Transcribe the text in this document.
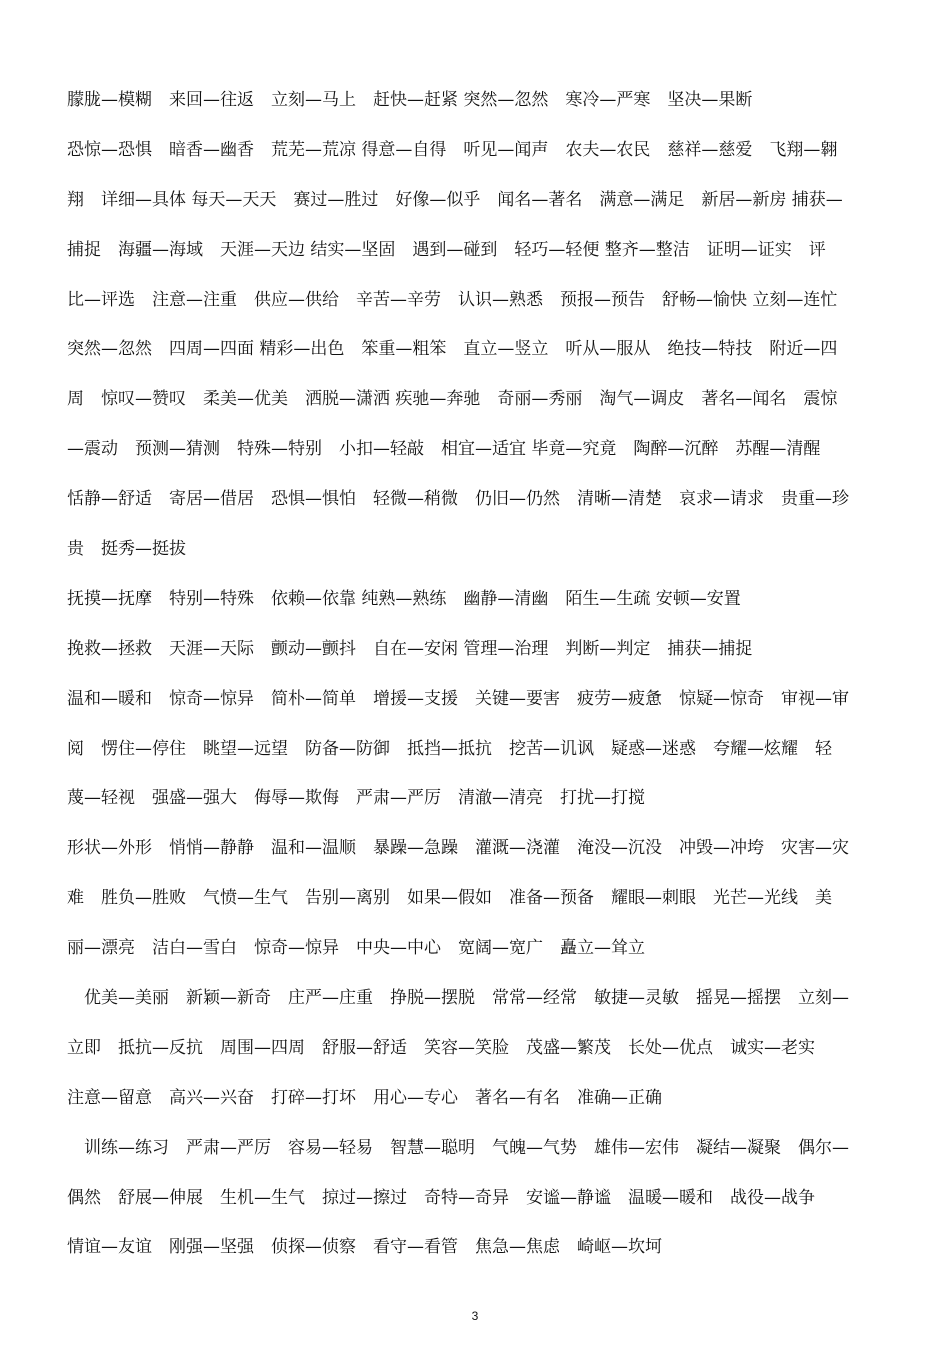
朦胧—模糊　来回—往返　立刻—马上　赶快—赶紧 突然—忽然　寒冷—严寒　坚决—果断
恐惊—恐惧　暗香—幽香　荒芜—荒凉 得意—自得　听见—闻声　农夫—农民　慈祥—慈爱　飞翔—翱
翔　详细—具体 每天—天天　赛过—胜过　好像—似乎　闻名—著名　满意—满足　新居—新房 捕获—
捕捉　海疆—海域　天涯—天边 结实—坚固　遇到—碰到　轻巧—轻便 整齐—整洁　证明—证实　评
比—评选　注意—注重　供应—供给　辛苦—辛劳　认识—熟悉　预报—预告　舒畅—愉快 立刻—连忙
突然—忽然　四周—四面 精彩—出色　笨重—粗笨　直立—竖立　听从—服从　绝技—特技　附近—四
周　惊叹—赞叹　柔美—优美　洒脱—潇洒 疾驰—奔驰　奇丽—秀丽　淘气—调皮　著名—闻名　震惊
—震动　预测—猜测　特殊—特别　小扣—轻敲　相宜—适宜 毕竟—究竟　陶醉—沉醉　苏醒—清醒
恬静—舒适　寄居—借居　恐惧—惧怕　轻微—稍微　仍旧—仍然　清晰—清楚　哀求—请求　贵重—珍
贵　挺秀—挺拔
抚摸—抚摩　特别—特殊　依赖—依靠 纯熟—熟练　幽静—清幽　陌生—生疏 安顿—安置
挽救—拯救　天涯—天际　颤动—颤抖　自在—安闲 管理—治理　判断—判定　捕获—捕捉
温和—暖和　惊奇—惊异　简朴—简单　增援—支援　关键—要害　疲劳—疲惫　惊疑—惊奇　审视—审
阅　愣住—停住　眺望—远望　防备—防御　抵挡—抵抗　挖苦—讥讽　疑惑—迷惑　夸耀—炫耀　轻
蔑—轻视　强盛—强大　侮辱—欺侮　严肃—严厉　清澈—清亮　打扰—打搅
形状—外形　悄悄—静静　温和—温顺　暴躁—急躁　灌溉—浇灌　淹没—沉没　冲毁—冲垮　灾害—灾
难　胜负—胜败　气愤—生气　告别—离别　如果—假如　准备—预备　耀眼—刺眼　光芒—光线　美
丽—漂亮　洁白—雪白　惊奇—惊异　中央—中心　宽阔—宽广　矗立—耸立
　优美—美丽　新颖—新奇　庄严—庄重　挣脱—摆脱　常常—经常　敏捷—灵敏　摇晃—摇摆　立刻—
立即　抵抗—反抗　周围—四周　舒服—舒适　笑容—笑脸　茂盛—繁茂　长处—优点　诚实—老实
注意—留意　高兴—兴奋　打碎—打坏　用心—专心　著名—有名　准确—正确
　训练—练习　严肃—严厉　容易—轻易　智慧—聪明　气魄—气势　雄伟—宏伟　凝结—凝聚　偶尔—
偶然　舒展—伸展　生机—生气　掠过—擦过　奇特—奇异　安谧—静谧　温暖—暖和　战役—战争
情谊—友谊　刚强—坚强　侦探—侦察　看守—看管　焦急—焦虑　崎岖—坎坷
3
